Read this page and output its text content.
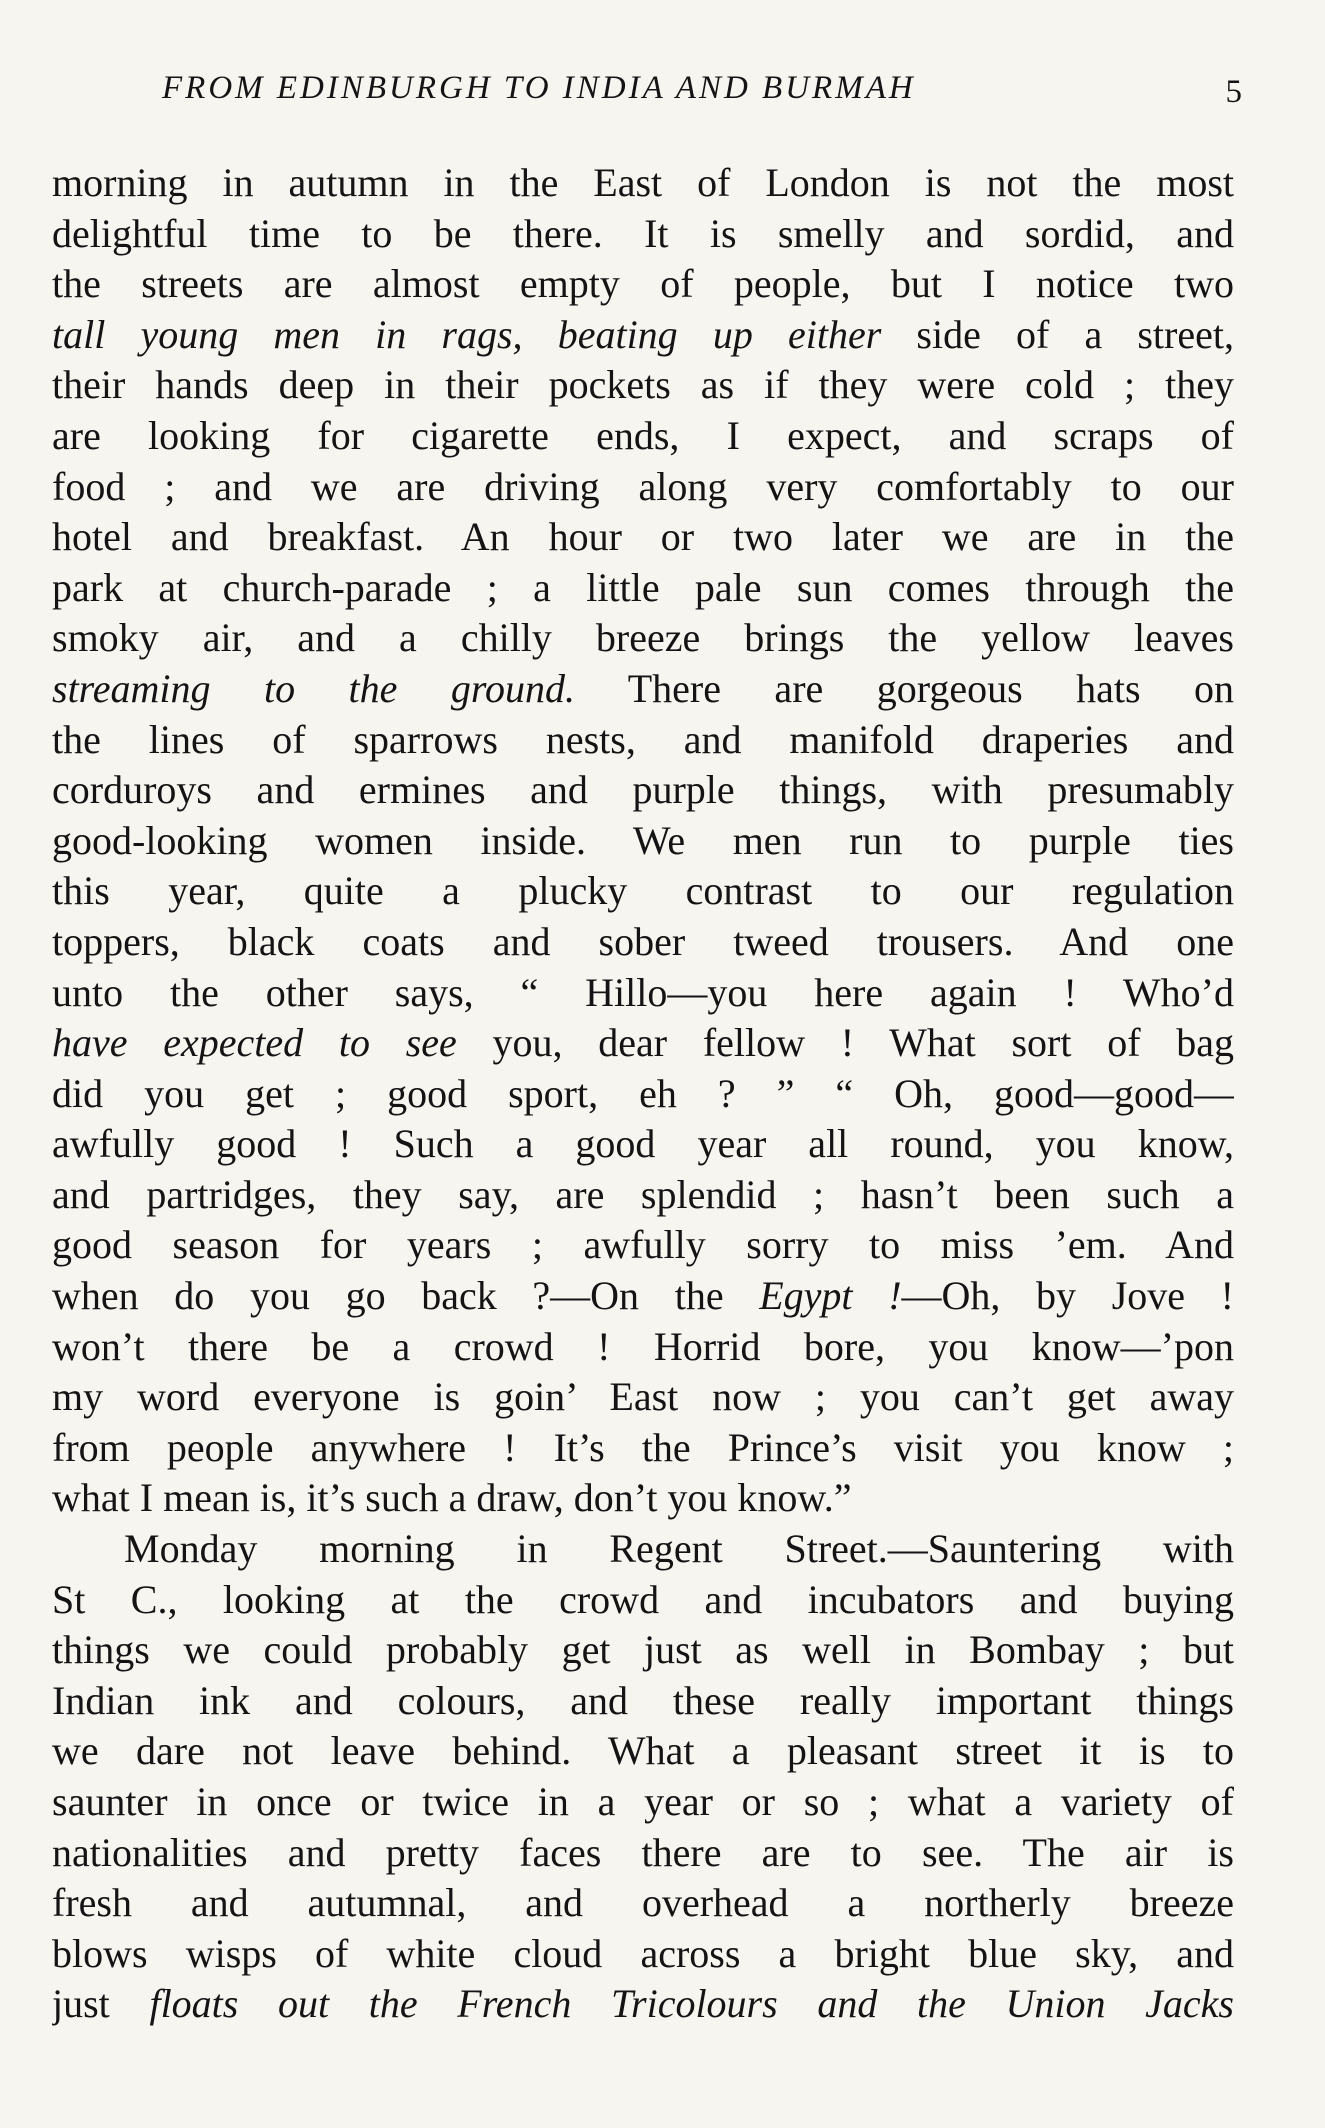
FROM EDINBURGH TO INDIA AND BURMAH	5
morning in autumn in the East of London is not the most
delightful time to be there. It is smelly and sordid, and
the streets are almost empty of people, but I notice two
tall young men in rags, beating up either side of a street,
their hands deep in their pockets as if they were cold ; they
are looking for cigarette ends, I expect, and scraps of
food ; and we are driving along very comfortably to our
hotel and breakfast. An hour or two later we are in the
park at church-parade ; a little pale sun comes through the
smoky air, and a chilly breeze brings the yellow leaves
streaming to the ground. There are gorgeous hats on
the lines of sparrows nests, and manifold draperies and
corduroys and ermines and purple things, with presumably
good-looking women inside. We men run to purple ties
this year, quite a plucky contrast to our regulation
toppers, black coats and sober tweed trousers. And one
unto the other says, “ Hillo—you here again ! Who’d
have expected to see you, dear fellow ! What sort of bag
did you get ; good sport, eh ? ” “ Oh, good—good—
awfully good ! Such a good year all round, you know,
and partridges, they say, are splendid ; hasn’t been such a
good season for years ; awfully sorry to miss ’em. And
when do you go back ?—On the Egypt !—Oh, by Jove !
won’t there be a crowd ! Horrid bore, you know—’pon
my word everyone is goin’ East now ; you can’t get away
from people anywhere ! It’s the Prince’s visit you know ;
what I mean is, it’s such a draw, don’t you know.”
Monday morning in Regent Street.—Sauntering with
St C., looking at the crowd and incubators and buying
things we could probably get just as well in Bombay ; but
Indian ink and colours, and these really important things
we dare not leave behind. What a pleasant street it is to
saunter in once or twice in a year or so ; what a variety of
nationalities and pretty faces there are to see. The air is
fresh and autumnal, and overhead a northerly breeze
blows wisps of white cloud across a bright blue sky, and
just floats out the French Tricolours and the Union Jacks
